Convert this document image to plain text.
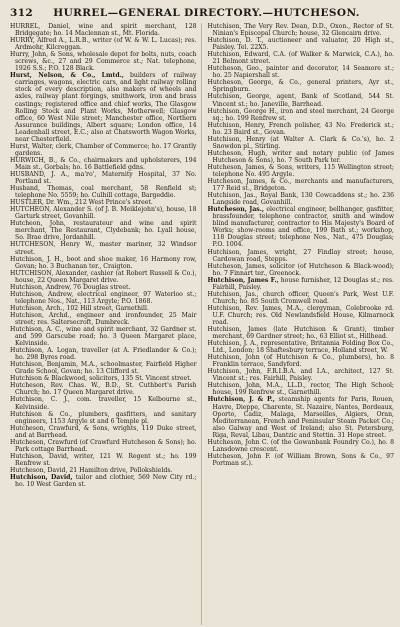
312 HURREL—GENERAL DIRECTORY.—HUTCHESON.

HURREL, Daniel, wine and spirit merchant, 128 Bridgegate; ho. 14 Maclennan st., Mt. Florida.

HURRY, Alfred A., L.R.B., writer (of W. & W. L. Lucas); res. Ardmohr, Kilcreggan.

Hurry, John, & Sons, wholesale depot for bolts, nuts, coach screws, &c., 27 and 29 Commerce st.; Nat. telephone, 1926 S.S.; P.O. 128 Black.

Hurst, Nelson, & Co., Lmtd., builders of railway carriages, wagons, electric cars, and light railway rolling stock of every description, also makers of wheels and axles, railway plant forgings, smithwork, iron and brass castings; registered office and chief works, The Glasgow Rolling Stock and Plant Works, Motherwell; Glasgow office, 60 West Nile street; Manchester office, Northern Assurance buildings, Albert square; London office, 14 Leadenhall street, E.C.; also at Chatsworth Wagon Works, near Chesterfield.

Hurst, Walter, clerk, Chamber of Commerce; ho. 17 Grantly gardens.

HURWICH, B., & Co., chairmakers and upholsterers, 194 Main st., Gorbals; ho. 16 Battlefield gdns.

HUSBAND, J. A., ma'ro', Maternity Hospital, 37 No. Portland st.

Husband, Thomas, coal merchant, 58 Renfield st; telephone No. 5559; ho. Culhill cottage, Bargeddie.

HUSTLER, Dr. Wm., 212 West Prince's street.

HUTCHEON, Alexander S. (of J. B. Meiklejohn's), house, 18 Garturk street, Govanhill.

Hutcheon, John, restaurateur and wine and spirit merchant, The Restaurant, Clydebank; ho. Lyall house, So. Brae drive, Jordanhill.

HUTCHESON, Henry W., master mariner, 32 Windsor street.

Hutchison, J. H., boot and shoe maker, 16 Harmony row, Govan; ho. 3 Buchanan ter., Craigton.

HUTCHISON, Alexander, cashier (at Robert Russell & Co.), house, 22 Queen Margaret drive.

Hutchison, Andrew, 76 Douglas street.

Hutchison, Andrew, electrical engineer, 97 Waterloo st.; telephone Nos., Nat., 113 Argyle; P.O. 1868.

Hutchison, Arch., 102 Hill street, Garnethill.

Hutchison, Archd., engineer and ironfounder, 25 Mair street; res. Saltersecroft, Dumbreck.

Hutchison, A. C., wine and spirit merchant, 32 Gardner st. and 599 Garscube road; ho. 3 Queen Margaret place, Kelvinside.

Hutchison, A. Logan, traveller (at A. Friedlander & Co.); ho. 298 Byres road.

Hutchison, Benjamin, M.A., schoolmaster, Fairfield Higher Grade School, Govan; ho. 13 Clifford st.

Hutchison & Blackwood, solicitors, 135 St. Vincent street.

Hutcheson, Rev. Chas. W., B.D., St. Cuthbert's Parish Church; ho. 17 Queen Margaret drive.

Hutchison, C. J., com. traveller, 15 Kelbourne st., Kelvinside.

Hutchison & Co., plumbers, gasfitters, and sanitary engineers, 1153 Argyle st and 6 Temple pl.

Hutcheson, Crawfurd, & Sons, wrights, 119 Duke street, and at Barrhead.

Hutcheson, Crawfurd (of Crawfurd Hutcheson & Sons); ho. Park cottage Barrhead.

Hutchison, David, writer, 121 W. Regent st.; ho. 199 Renfrew st.

Hutcheson, David, 21 Hamilton drive, Pollokshields.

Hutchison, David, tailor and clothier, 569 New City rd.; ho. 10 West Garden st.

Hutchison, The Very Rev. Dean, D.D., Oxon., Rector of St. Ninian's Episcopal Church; house, 32 Glencairn drive.

Hutchison, D. T., auctioneer and valuator, 20 High st., Paisley. Tel. 22X5.

Hutchison, Edward, C.A. (of Walker & Marwick, C.A.), ho. 21 Belmont street.

Hutcheson, Geo., painter and decorator, 14 Seamore st.; ho. 25 Napiershall st.

Hutcheson, George, & Co., general printers, Ayr st., Springburn.

Hutchison, George, agent, Bank of Scotland, 544 St. Vincent st.; ho. Janeville, Barrhead.

Hutchison, George H., iron and steel merchant, 24 George sq.; ho. 199 Renfrew st.

Hutchison, Henry, French polisher, 43 No. Frederick st.; ho. 23 Baird st., Govan.

Hutchison, Henry (at Walter A. Clark & Co.'s), ho. 2 Snowdon pl., Stirling.

Hutcheson, Hugh, writer and notary public (of James Hutcheson & Sons), ho. 7 South Park ter.

Hutcheson, James, & Sons, writers, 115 Wellington street; telephone No. 495 Argyle.

Hutcheson, James, & Co., merchants and manufacturers, 177 Reid st., Bridgeton.

Hutchison, Jas., Royal Bank, 130 Cowcaddens st.; ho. 236 Langside road, Govanhill.

Hutcheson, Jas., electrical engineer, bellhanger, gasfitter, brassfounder, telephone contractor, smith and window blind manufacturer, contractor to His Majesty's Board of Works; show-rooms and office, 199 Bath st.; workshop, 118 Douglas street; telephone Nos., Nat., 475 Douglas; P.O. 1004.

Hutchison, James, wright, 27 Findlay street; house, Cardowan road, Stepps.

Hutcheson, James, solicitor (of Hutcheson & Black-wood); ho. 7 Finnart ter., Greenock.

Hutchison, James F., house furnisher, 12 Douglas st.; res. Fairhill, Paisley.

Hutchison, Jas., church officer, Queen's Park, West U.F. Church; ho. 85 South Cromwell road.

Hutchison, Rev. James, M.A., clergyman, Colebrooke rd. U.F. Church; res. Old Newlandsfield House, Kilmarnock road.

Hutchison, James (late Hutchison & Grant), timber merchant, 69 Gardner street; ho., 63 Elliot st., Hillhead.

Hutchison, J. A., representative, Britannia Folding Box Co., Ltd., London; 18 Shaftesbury terrace, Holland street, W.

Hutchison, John (of Hutchison & Co., plumbers), ho. 8 Franklin terrace, Sandyford.

Hutchison, John, F.R.I.B.A. and I.A., architect, 127 St. Vincent st.; res. Fairhill, Paisley.

Hutchison, John, M.A., LL.D., rector, The High School; house, 199 Renfrew st., Garnethill.

Hutchison, J. & P., steamship agents for Paris, Rouen, Havre, Dieppe, Charente, St. Nazaire, Nantes, Bordeaux, Oporto, Cadiz, Malaga, Marseilles, Algiers, Oran, Mediterranean, French and Peninsular Steam Packet Co.; also Galway and West of Ireland; also St. Petersburg, Riga, Reval, Libau, Dantzic and Stettin. 31 Hope street.

Hutcheson, John C. (of the Gowanbank Foundry Co.), ho. 8 Lansdowne crescent.

Hutcheson, John F. (of William Brown, Sons & Co., 97 Portman st.).
